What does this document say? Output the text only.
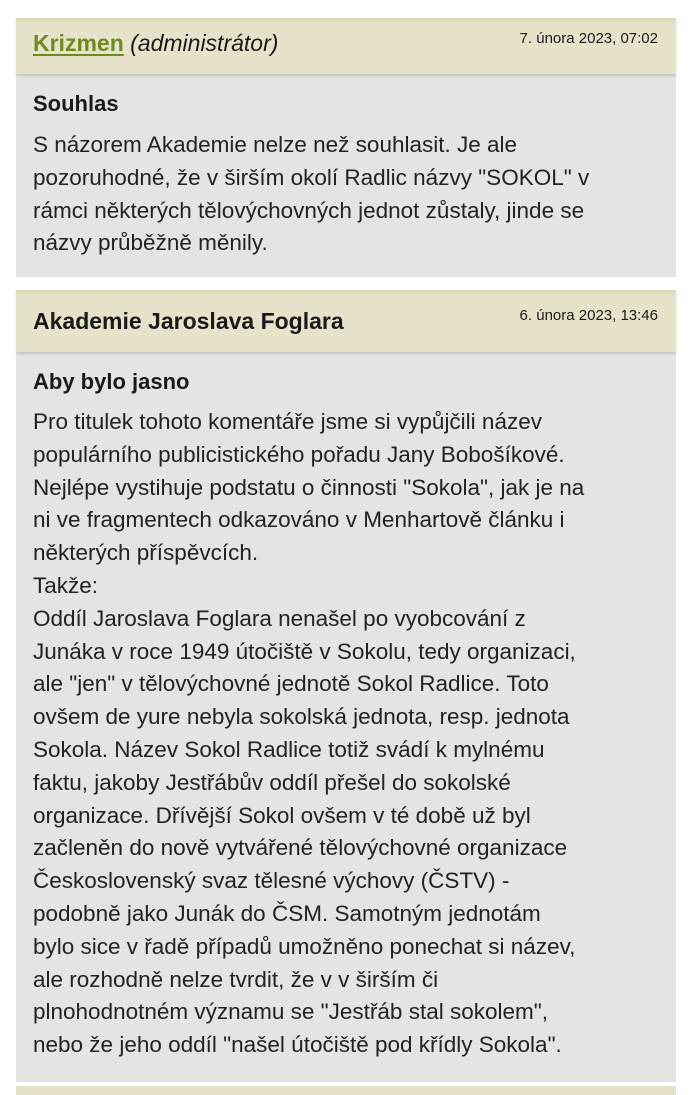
Krizmen (administrátor)	7. února 2023, 07:02
Souhlas
S názorem Akademie nelze než souhlasit. Je ale
pozoruhodné, že v širším okolí Radlic názvy "SOKOL" v
rámci některých tělovýchovných jednot zůstaly, jinde se
názvy průběžně měnily.
Akademie Jaroslava Foglara	6. února 2023, 13:46
Aby bylo jasno
Pro titulek tohoto komentáře jsme si vypůjčili název
populárního publicistického pořadu Jany Bobošíkové.
Nejlépe vystihuje podstatu o činnosti "Sokola", jak je na
ni ve fragmentech odkazováno v Menhartově článku i
některých příspěvcích.
Takže:
Oddíl Jaroslava Foglara nenašel po vyobcování z
Junáka v roce 1949 útočiště v Sokolu, tedy organizaci,
ale "jen" v tělovýchovné jednotě Sokol Radlice. Toto
ovšem de yure nebyla sokolská jednota, resp. jednota
Sokola. Název Sokol Radlice totiž svádí k mylnému
faktu, jakoby Jestřábův oddíl přešel do sokolské
organizace. Dřívější Sokol ovšem v té době už byl
začleněn do nově vytvářené tělovýchovné organizace
Československý svaz tělesné výchovy (ČSTV) -
podobně jako Junák do ČSM. Samotným jednotám
bylo sice v řadě případů umožněno ponechat si název,
ale rozhodně nelze tvrdit, že v v širším či
plnohodnotném významu se "Jestřáb stal sokolem",
nebo že jeho oddíl "našel útočiště pod křídly Sokola".
